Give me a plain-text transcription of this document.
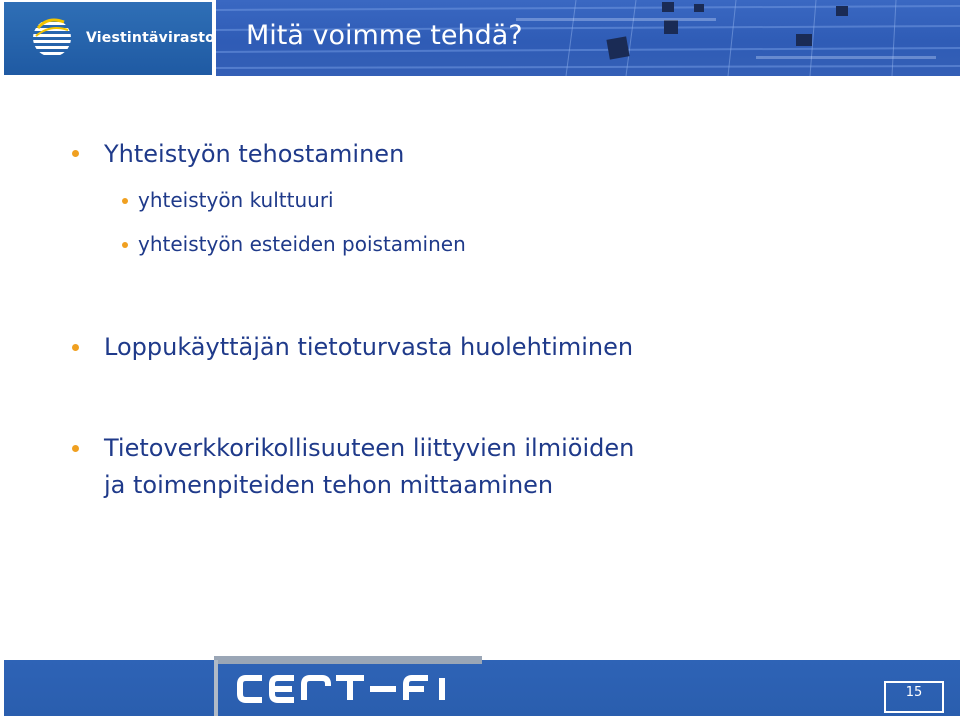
Viestintävirasto Mitä voimme tehdä?
Yhteistyön tehostaminen
yhteistyön kulttuuri
yhteistyön esteiden poistaminen
Loppukäyttäjän tietoturvasta huolehtiminen
Tietoverkkorikollisuuteen liittyvien ilmiöiden
ja toimenpiteiden tehon mittaaminen
15
